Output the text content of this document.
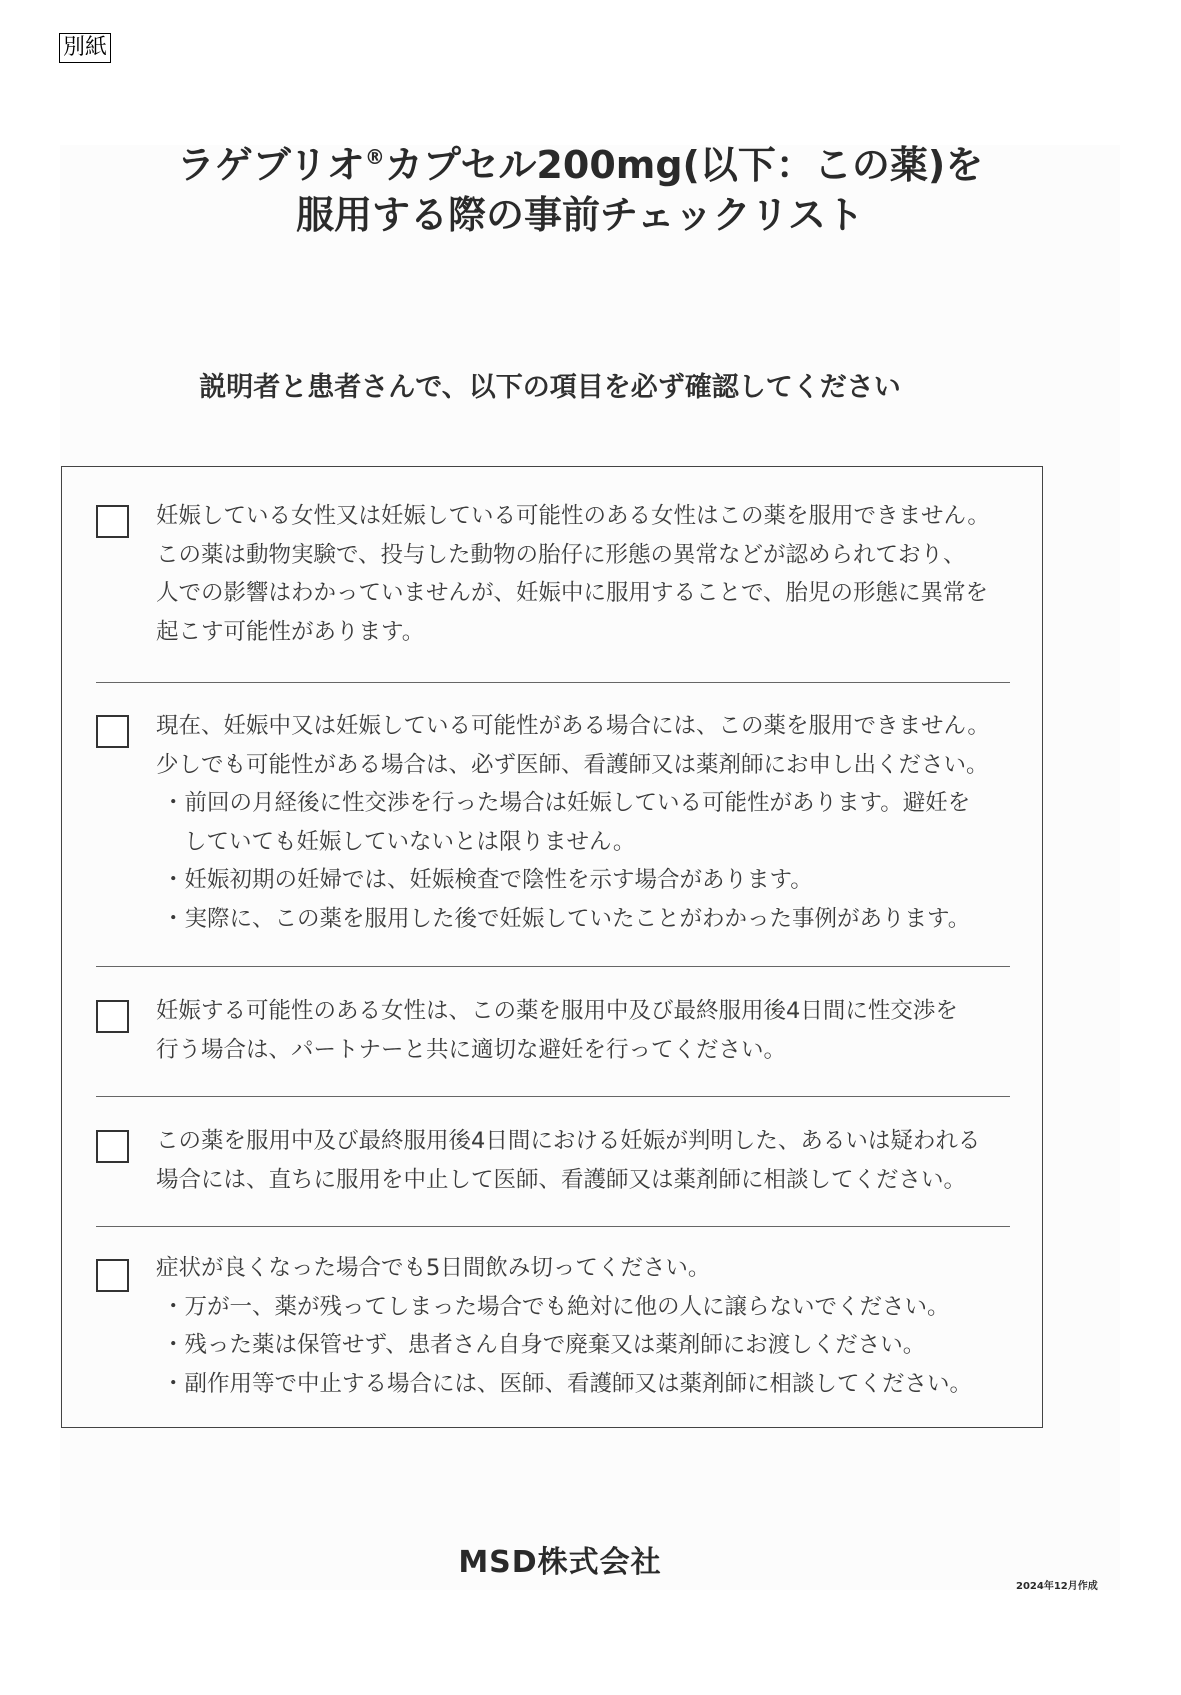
別紙
ラゲブリオ®カプセル200mg(以下：この薬)を
服用する際の事前チェックリスト
説明者と患者さんで、以下の項目を必ず確認してください
妊娠している女性又は妊娠している可能性のある女性はこの薬を服用できません。
この薬は動物実験で、投与した動物の胎仔に形態の異常などが認められており、
人での影響はわかっていませんが、妊娠中に服用することで、胎児の形態に異常を
起こす可能性があります。
現在、妊娠中又は妊娠している可能性がある場合には、この薬を服用できません。
少しでも可能性がある場合は、必ず医師、看護師又は薬剤師にお申し出ください。
・前回の月経後に性交渉を行った場合は妊娠している可能性があります。避妊を
していても妊娠していないとは限りません。
・妊娠初期の妊婦では、妊娠検査で陰性を示す場合があります。
・実際に、この薬を服用した後で妊娠していたことがわかった事例があります。
妊娠する可能性のある女性は、この薬を服用中及び最終服用後4日間に性交渉を
行う場合は、パートナーと共に適切な避妊を行ってください。
この薬を服用中及び最終服用後4日間における妊娠が判明した、あるいは疑われる
場合には、直ちに服用を中止して医師、看護師又は薬剤師に相談してください。
症状が良くなった場合でも5日間飲み切ってください。
・万が一、薬が残ってしまった場合でも絶対に他の人に譲らないでください。
・残った薬は保管せず、患者さん自身で廃棄又は薬剤師にお渡しください。
・副作用等で中止する場合には、医師、看護師又は薬剤師に相談してください。
MSD株式会社
2024年12月作成
